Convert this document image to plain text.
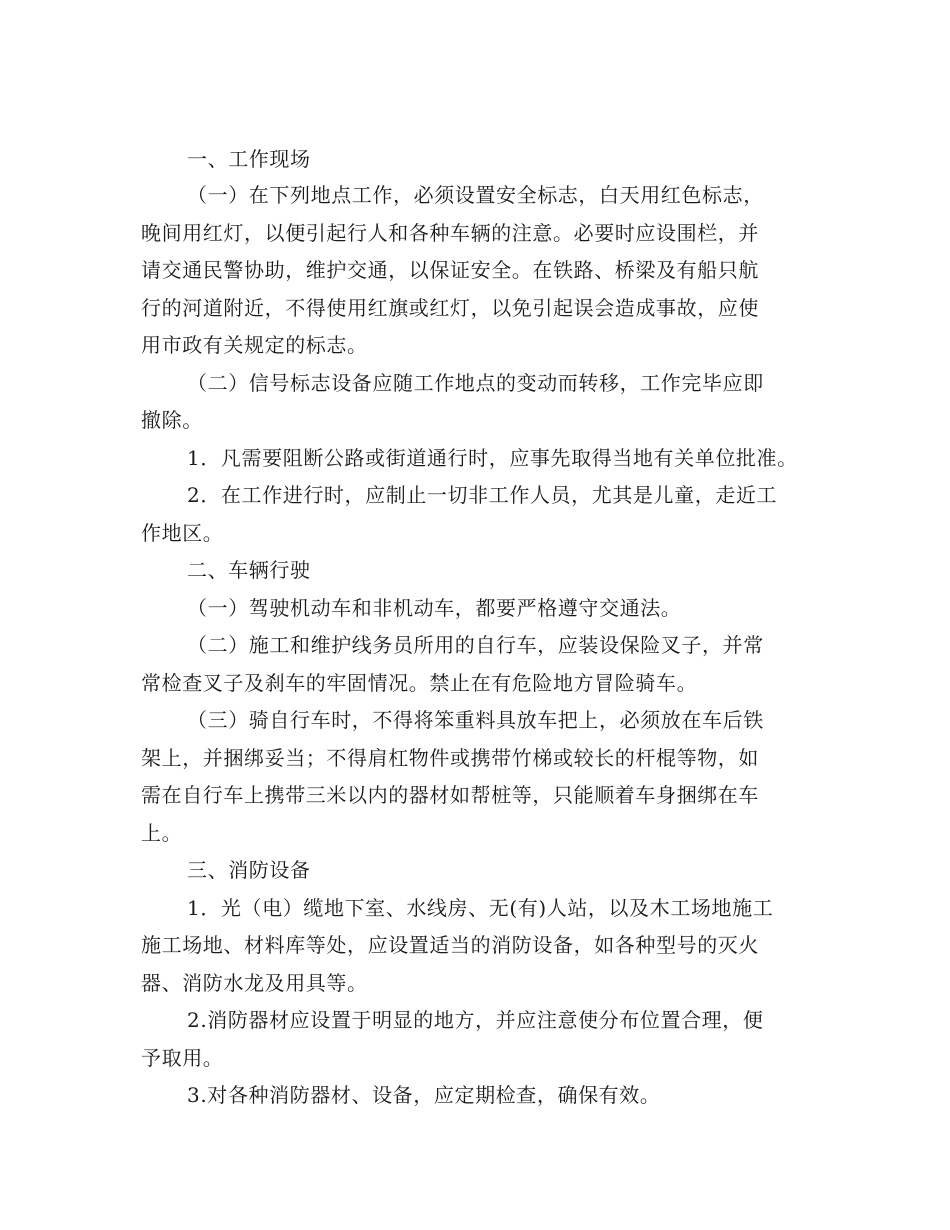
一、工作现场
（一）在下列地点工作，必须设置安全标志，白天用红色标志，
晚间用红灯，以便引起行人和各种车辆的注意。必要时应设围栏，并
请交通民警协助，维护交通，以保证安全。在铁路、桥梁及有船只航
行的河道附近，不得使用红旗或红灯，以免引起误会造成事故，应使
用市政有关规定的标志。
（二）信号标志设备应随工作地点的变动而转移，工作完毕应即
撤除。
1．凡需要阻断公路或街道通行时，应事先取得当地有关单位批准。
2．在工作进行时，应制止一切非工作人员，尤其是儿童，走近工
作地区。
二、车辆行驶
（一）驾驶机动车和非机动车，都要严格遵守交通法。
（二）施工和维护线务员所用的自行车，应装设保险叉子，并常
常检查叉子及刹车的牢固情况。禁止在有危险地方冒险骑车。
（三）骑自行车时，不得将笨重料具放车把上，必须放在车后铁
架上，并捆绑妥当；不得肩杠物件或携带竹梯或较长的杆棍等物，如
需在自行车上携带三米以内的器材如帮桩等，只能顺着车身捆绑在车
上。
三、消防设备
1．光（电）缆地下室、水线房、无(有)人站，以及木工场地施工
施工场地、材料库等处，应设置适当的消防设备，如各种型号的灭火
器、消防水龙及用具等。
2.消防器材应设置于明显的地方，并应注意使分布位置合理，便
予取用。
3.对各种消防器材、设备，应定期检查，确保有效。
